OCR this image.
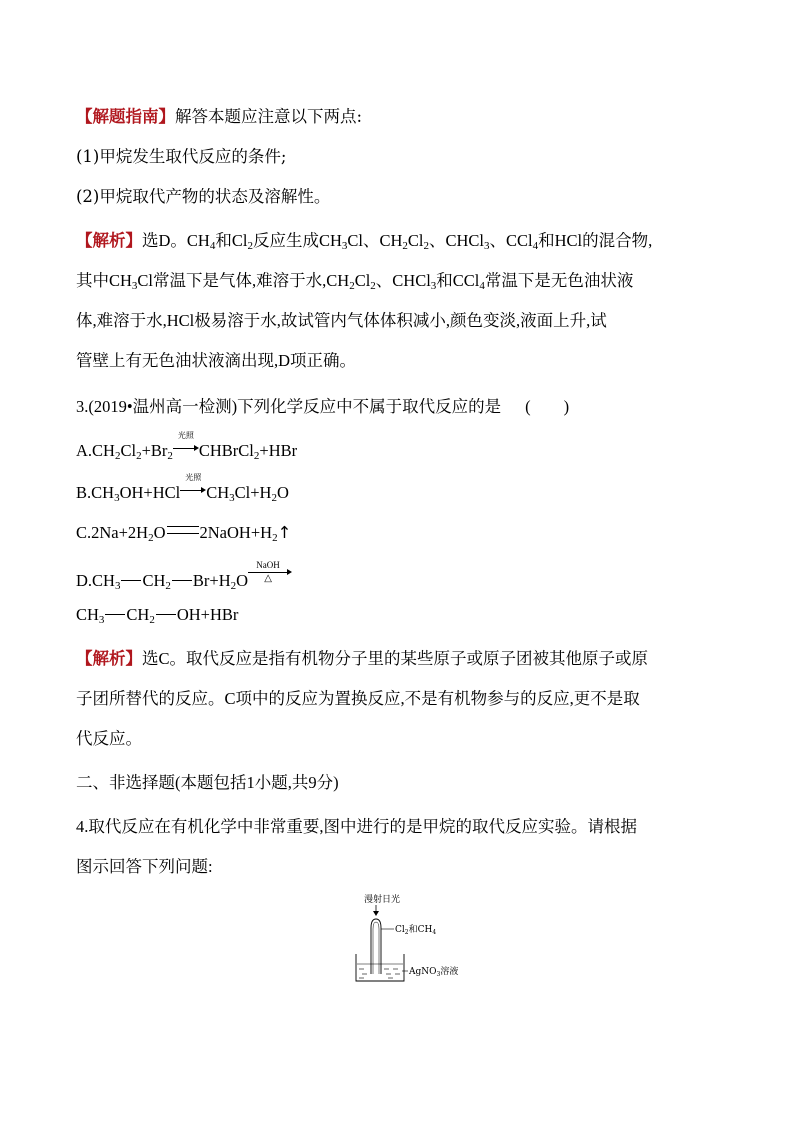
【解题指南】解答本题应注意以下两点:
(1)甲烷发生取代反应的条件;
(2)甲烷取代产物的状态及溶解性。
【解析】选D。$CH_4$和$Cl_2$反应生成$CH_3Cl$、$CH_2Cl_2$、CHCl$_3$、CCl$_4$和HCl的混合物,
其中$CH_3Cl$常温下是气体,难溶于水$,CH_2Cl_2$、CHCl$_3$和CCl$_4$常温下是无色油状液
体,难溶于水,HCl极易溶于水,故试管内气体体积减小,颜色变淡,液面上升,试
管壁上有无色油状液滴出现,D项正确。
3.(2019•温州高一检测)下列化学反应中不属于取代反应的是 (　　)
$A.CH_2Cl_2+Br_2$
光照
CHBrCl$_2$+HBr
$B.CH_3OH+HCl$
光照
$CH_3Cl+H_2O$
$C.2Na+2H_2O$ $2NaOH+H_2↑$
$D.CH_3$ $CH_2$ $Br+H_2O$
NaOH
△
$CH_3$ $CH_2$ OH+HBr
【解析】选C。取代反应是指有机物分子里的某些原子或原子团被其他原子或原
子团所替代的反应。C项中的反应为置换反应,不是有机物参与的反应,更不是取
代反应。
二、非选择题(本题包括1小题,共9分)
4.取代反应在有机化学中非常重要,图中进行的是甲烷的取代反应实验。请根据
图示回答下列问题:
漫射日光
$Cl_2$和$CH_4$
AgNO$_3$溶液
